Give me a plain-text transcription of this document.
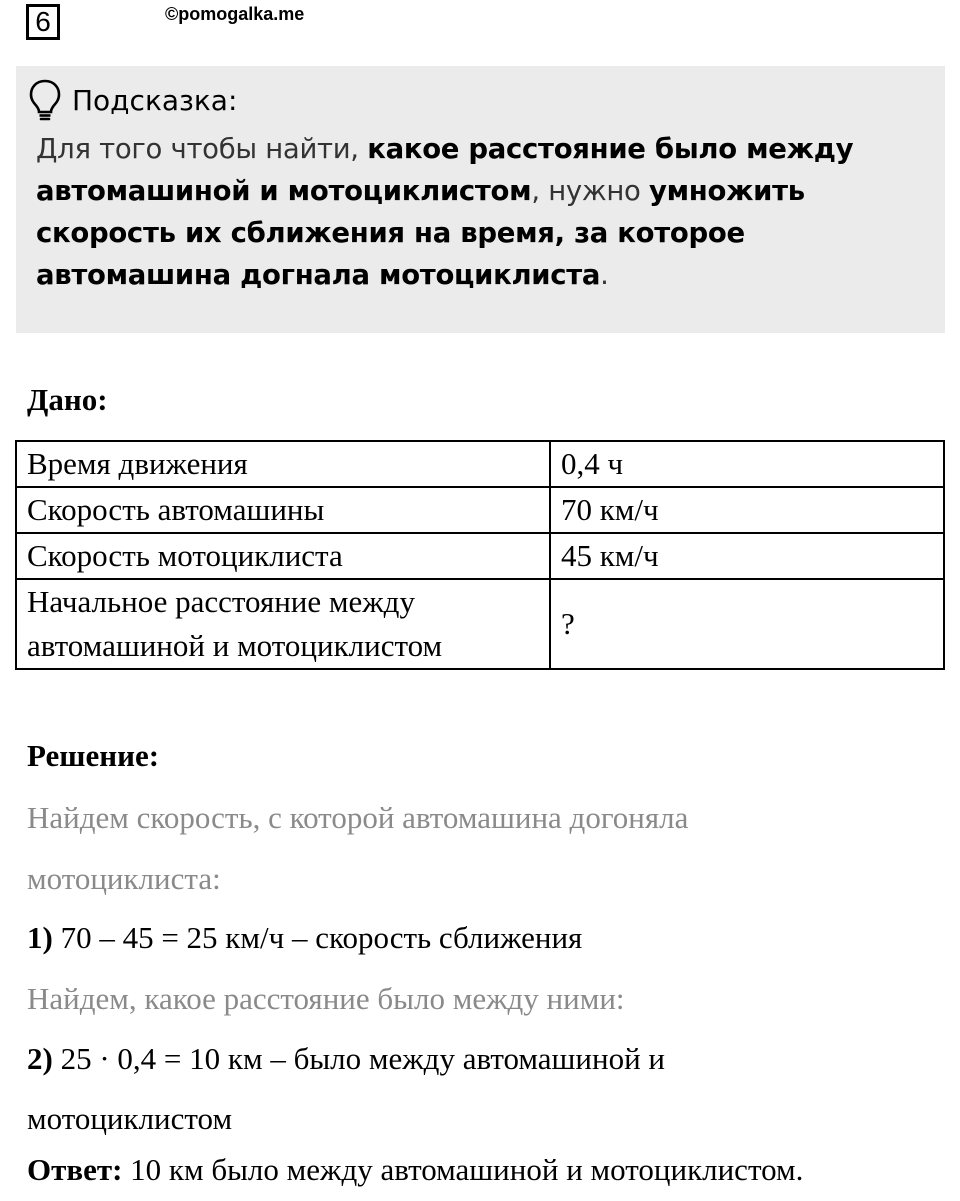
6	©pomogalka.me
Подсказка:
Для того чтобы найти, какое расстояние было между автомашиной и мотоциклистом, нужно умножить скорость их сближения на время, за которое автомашина догнала мотоциклиста.
Дано:
Время движения	0,4 ч
Скорость автомашины	70 км/ч
Скорость мотоциклиста	45 км/ч
Начальное расстояние между автомашиной и мотоциклистом	?
Решение:
Найдем скорость, с которой автомашина догоняла
мотоциклиста:
1) 70 – 45 = 25 км/ч – скорость сближения
Найдем, какое расстояние было между ними:
2) 25 · 0,4 = 10 км – было между автомашиной и
мотоциклистом
Ответ: 10 км было между автомашиной и мотоциклистом.
